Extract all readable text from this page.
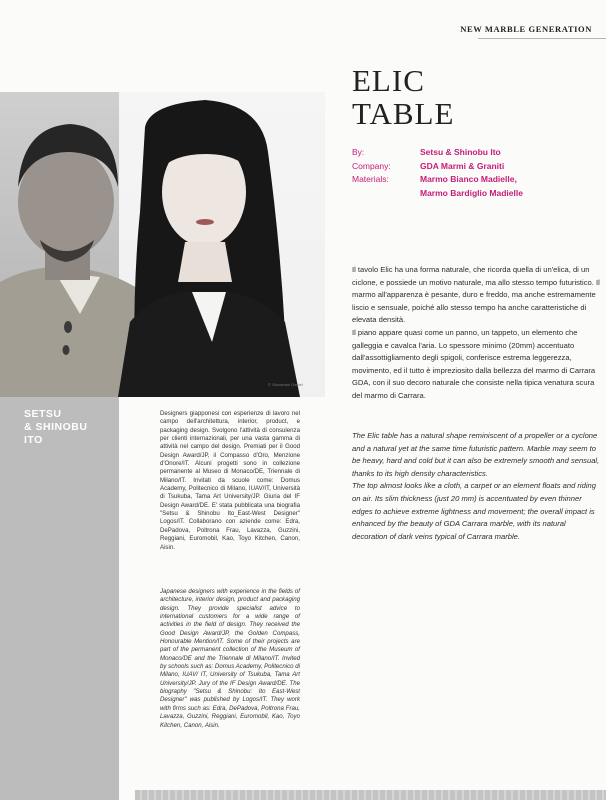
NEW MARBLE GENERATION
ELIC
TABLE
By:	Setsu & Shinobu Ito
Company:	GDA Marmi & Graniti
Materials:	Marmo Bianco Madielle,
Marmo Bardiglio Madielle
© Giovannni Gastel
SETSU
& SHINOBU
ITO

Designers giapponesi con esperienze di lavoro nel campo dell'architettura, interior, product, e packaging design. Svolgono l'attività di consulenza per clienti internazionali, per una vasta gamma di attività nel campo del design. Premiati per il Good Design Award/JP, il Compasso d'Oro, Menzione d'Onore/IT. Alcuni progetti sono in collezione permanente al Museo di Monaco/DE, Triennale di Milano/IT. Invitati da scuole come: Domus Academy, Politecnico di Milano, IUAV/IT, Università di Tsukuba, Tama Art University/JP. Giuria del IF Design Award/DE. E' stata pubblicata una biografia "Setsu & Shinobu Ito_East-West Designer" Logos/IT. Collaborano con aziende come: Edra, DePadova, Poltrona Frau, Lavazza, Guzzini, Reggiani, Euromobil, Kao, Toyo Kitchen, Canon, Aisin.

Japanese designers with experience in the fields of architecture, interior design, product and packaging design. They provide specialist advice to international customers for a wide range of activities in the field of design. They received the Good Design Award/JP, the Golden Compass, Honourable Mention/IT. Some of their projects are part of the permanent collection of the Museum of Monaco/DE and the Triennale di Milano/IT. Invited by schools such as: Domus Academy, Politecnico di Milano, IUAV/ IT, University of Tsukuba, Tama Art University/JP. Jury of the IF Design Award/DE. The biography "Setsu & Shinobu: Ito East-West Designer" was published by Logos/IT. They work with firms such as: Edra, DePadova, Poltrona Frau, Lavazza, Guzzini, Reggiani, Euromobil, Kao, Toyo Kitchen, Canon, Aisin.

Il tavolo Elic ha una forma naturale, che ricorda quella di un'elica, di un ciclone, e possiede un motivo naturale, ma allo stesso tempo futuristico. Il marmo all'apparenza è pesante, duro e freddo, ma anche estremamente liscio e sensuale, poiché allo stesso tempo ha anche caratteristiche di elevata densità.

Il piano appare quasi come un panno, un tappeto, un elemento che galleggia e cavalca l'aria. Lo spessore minimo (20mm) accentuato dall'assottigliamento degli spigoli, conferisce estrema leggerezza, movimento, ed il tutto è impreziosito dalla bellezza del marmo di Carrara GDA, con il suo decoro naturale che consiste nella tipica venatura scura del marmo di Carrara.

The Elic table has a natural shape reminiscent of a propeller or a cyclone and a natural yet at the same time futuristic pattern. Marble may seem to be heavy, hard and cold but it can also be extremely smooth and sensual, thanks to its high density characteristics.

The top almost looks like a cloth, a carpet or an element floats and riding on air. Its slim thickness (just 20 mm) is accentuated by even thinner edges to achieve extreme lightness and movement; the overall impact is enhanced by the beauty of GDA Carrara marble, with its natural decoration of dark veins typical of Carrara marble.
